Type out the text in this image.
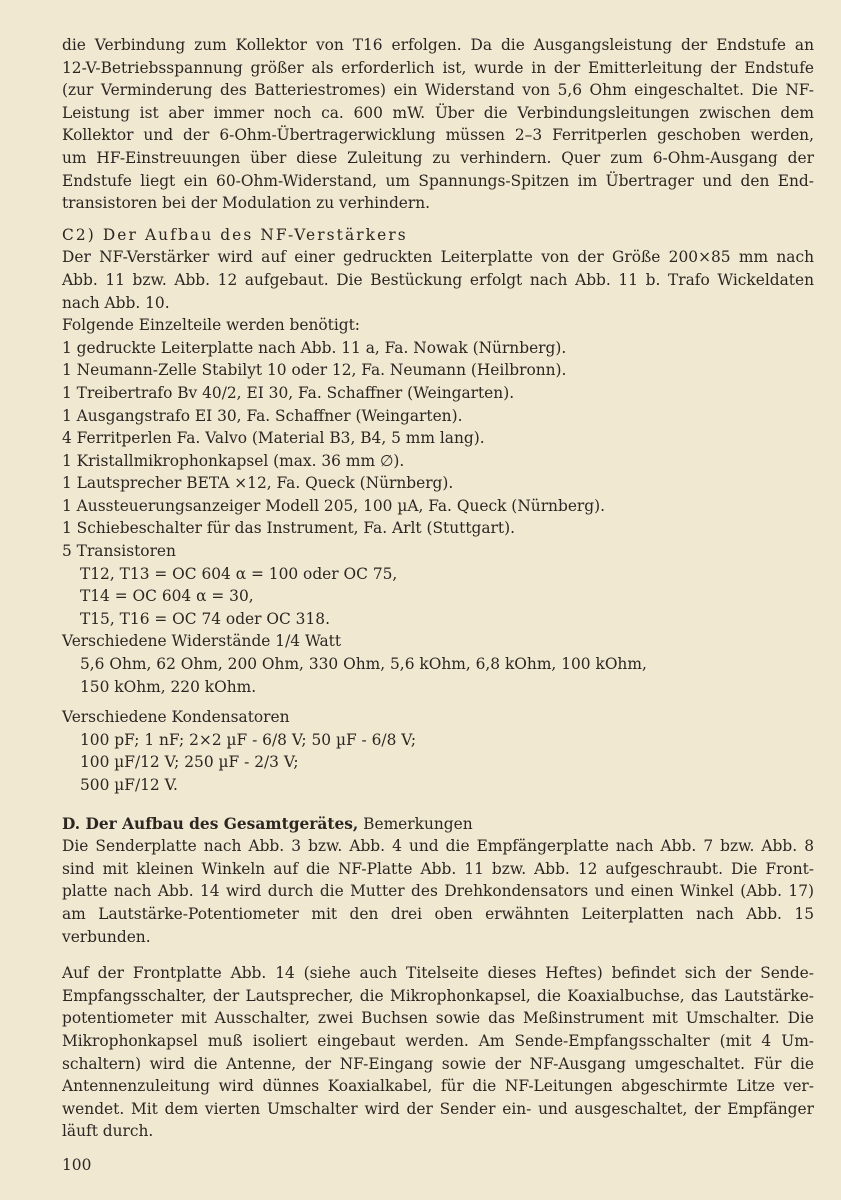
die Verbindung zum Kollektor von T16 erfolgen. Da die Ausgangsleistung der Endstufe an

12-V-Betriebsspannung größer als erforderlich ist, wurde in der Emitterleitung der Endstufe

(zur Verminderung des Batteriestromes) ein Widerstand von 5,6 Ohm eingeschaltet. Die NF-

Leistung ist aber immer noch ca. 600 mW. Über die Verbindungsleitungen zwischen dem

Kollektor und der 6-Ohm-Übertragerwicklung müssen 2–3 Ferritperlen geschoben werden,

um HF-Einstreuungen über diese Zuleitung zu verhindern. Quer zum 6-Ohm-Ausgang der

Endstufe liegt ein 60-Ohm-Widerstand, um Spannungs-Spitzen im Übertrager und den End-

transistoren bei der Modulation zu verhindern.

C2) Der Aufbau des NF-Verstärkers

Der NF-Verstärker wird auf einer gedruckten Leiterplatte von der Größe 200×85 mm nach

Abb. 11 bzw. Abb. 12 aufgebaut. Die Bestückung erfolgt nach Abb. 11 b. Trafo Wickeldaten

nach Abb. 10.

Folgende Einzelteile werden benötigt:

1 gedruckte Leiterplatte nach Abb. 11 a, Fa. Nowak (Nürnberg).

1 Neumann-Zelle Stabilyt 10 oder 12, Fa. Neumann (Heilbronn).

1 Treibertrafo Bv 40/2, EI 30, Fa. Schaffner (Weingarten).

1 Ausgangstrafo EI 30, Fa. Schaffner (Weingarten).

4 Ferritperlen Fa. Valvo (Material B3, B4, 5 mm lang).

1 Kristallmikrophonkapsel (max. 36 mm ∅).

1 Lautsprecher BETA ×12, Fa. Queck (Nürnberg).

1 Aussteuerungsanzeiger Modell 205, 100 µA, Fa. Queck (Nürnberg).

1 Schiebeschalter für das Instrument, Fa. Arlt (Stuttgart).

5 Transistoren

T12, T13 = OC 604 α = 100 oder OC 75,

T14 = OC 604 α = 30,

T15, T16 = OC 74 oder OC 318.

Verschiedene Widerstände 1/4 Watt

5,6 Ohm, 62 Ohm, 200 Ohm, 330 Ohm, 5,6 kOhm, 6,8 kOhm, 100 kOhm,

150 kOhm, 220 kOhm.

Verschiedene Kondensatoren

100 pF; 1 nF; 2×2 µF - 6/8 V; 50 µF - 6/8 V;

100 µF/12 V; 250 µF - 2/3 V;

500 µF/12 V.

D. Der Aufbau des Gesamtgerätes, Bemerkungen

Die Senderplatte nach Abb. 3 bzw. Abb. 4 und die Empfängerplatte nach Abb. 7 bzw. Abb. 8

sind mit kleinen Winkeln auf die NF-Platte Abb. 11 bzw. Abb. 12 aufgeschraubt. Die Front-

platte nach Abb. 14 wird durch die Mutter des Drehkondensators und einen Winkel (Abb. 17)

am Lautstärke-Potentiometer mit den drei oben erwähnten Leiterplatten nach Abb. 15

verbunden.

Auf der Frontplatte Abb. 14 (siehe auch Titelseite dieses Heftes) befindet sich der Sende-

Empfangsschalter, der Lautsprecher, die Mikrophonkapsel, die Koaxialbuchse, das Lautstärke-

potentiometer mit Ausschalter, zwei Buchsen sowie das Meßinstrument mit Umschalter. Die

Mikrophonkapsel muß isoliert eingebaut werden. Am Sende-Empfangsschalter (mit 4 Um-

schaltern) wird die Antenne, der NF-Eingang sowie der NF-Ausgang umgeschaltet. Für die

Antennenzuleitung wird dünnes Koaxialkabel, für die NF-Leitungen abgeschirmte Litze ver-

wendet. Mit dem vierten Umschalter wird der Sender ein- und ausgeschaltet, der Empfänger

läuft durch.

100
